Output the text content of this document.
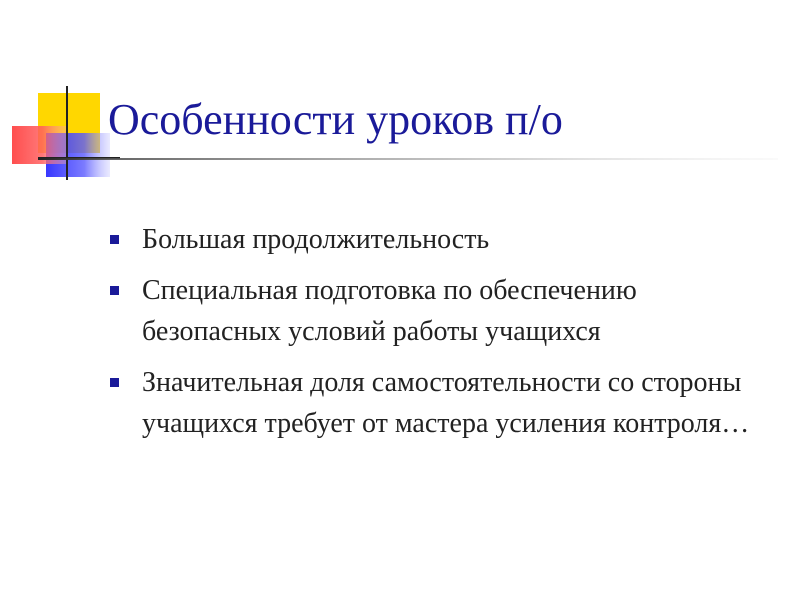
Особенности уроков п/о
Большая продолжительность
Специальная подготовка по обеспечению безопасных условий работы учащихся
Значительная доля самостоятельности со стороны учащихся требует от мастера усиления контроля…
